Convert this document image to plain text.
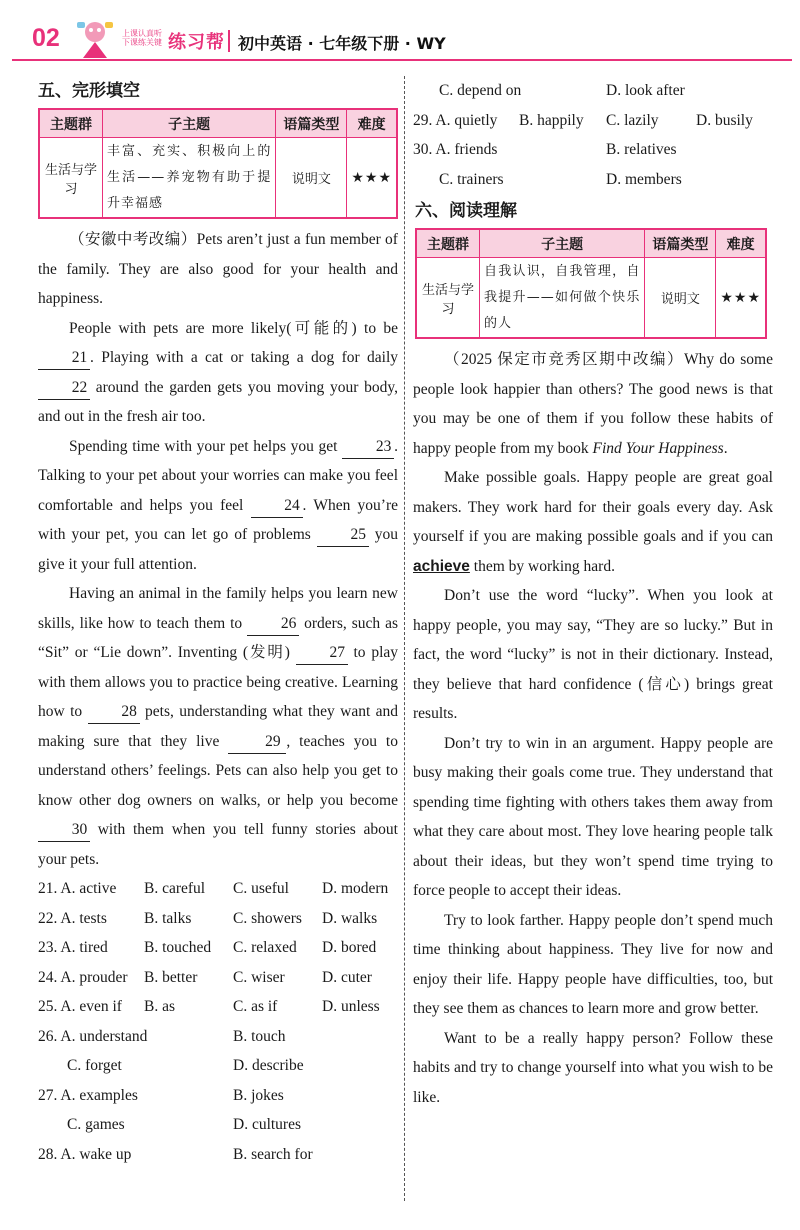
02	上课认真听
下课练关键 练习帮 初中英语 · 七年级下册 · WY
五、完形填空
主题群	子主题	语篇类型	难度
生活与学习	丰富、充实、积极向上的生活——养宠物有助于提升幸福感	说明文	★★★

（安徽中考改编）Pets aren’t just a fun member of the family. They are also good for your health and happiness.

People with pets are more likely(可能的) to be 21 . Playing with a cat or taking a dog for daily 22 around the garden gets you moving your body, and out in the fresh air too.

Spending time with your pet helps you get 23 . Talking to your pet about your worries can make you feel comfortable and helps you feel	24 . When you’re with your pet, you can let go of problems	25 you give it your full attention.

Having an animal in the family helps you learn new skills, like how to teach them to 26 orders, such as “Sit” or “Lie down”. Inventing (发明)	27 to play with them allows you to practice being creative. Learning how to	28 pets, understanding what they want and making sure that they live	29 , teaches you to understand others’ feelings. Pets can also help you get to know other dog owners on walks, or help you become 30 with them when you tell funny stories about your pets.

21. A. active B. careful C. useful D. modern
22. A. tests B. talks	C. showers D. walks
23. A. tired B. touched C. relaxed D. bored
24. A. prouder B. better C. wiser D. cuter
25. A. even if B. as	C. as if	D. unless
26. A. understand	B. touch
C. forget	D. describe
27. A. examples	B. jokes
C. games	D. cultures
28. A. wake up	B. search for
C. depend on	D. look after
29. A. quietly B. happily C. lazily D. busily
30. A. friends	B. relatives
C. trainers	D. members
六、阅读理解
主题群	子主题	语篇类型	难度
生活与学习	自我认识，自我管理，自我提升——如何做个快乐的人	说明文	★★★

（2025 保定市竞秀区期中改编）Why do some people look happier than others? The good news is that you may be one of them if you follow these habits of happy people from my book Find Your Happiness.

Make possible goals. Happy people are great goal makers. They work hard for their goals every day. Ask yourself if you are making possible goals and if you can achieve them by working hard.

Don’t use the word “lucky”. When you look at happy people, you may say, “They are so lucky.” But in fact, the word “lucky” is not in their dictionary. Instead, they believe that hard confidence (信心) brings great results.

Don’t try to win in an argument. Happy people are busy making their goals come true. They understand that spending time fighting with others takes them away from what they care about most. They love hearing people talk about their ideas, but they won’t spend time trying to force people to accept their ideas.

Try to look farther. Happy people don’t spend much time thinking about happiness. They live for now and enjoy their life. Happy people have difficulties, too, but they see them as chances to learn more and grow better.

Want to be a really happy person? Follow these habits and try to change yourself into what you wish to be like.
